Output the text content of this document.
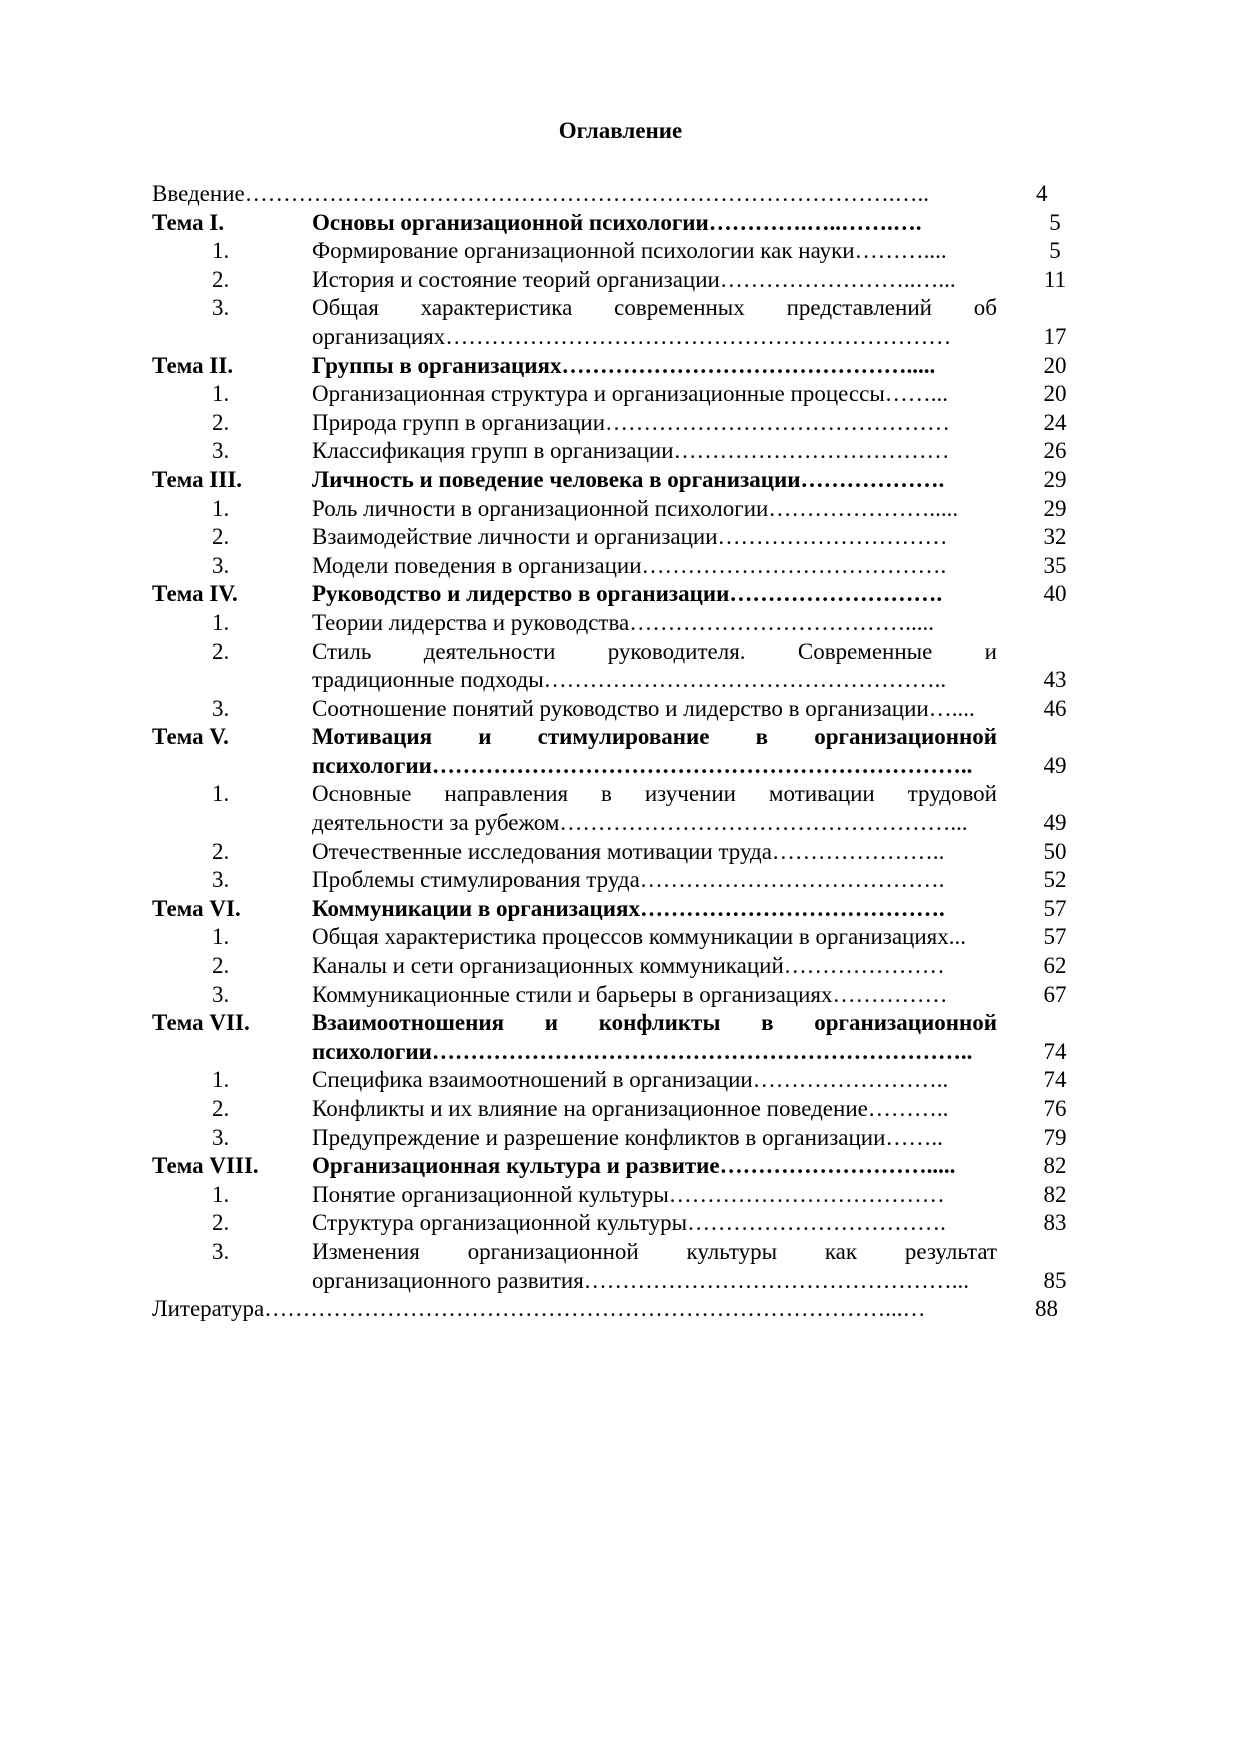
Оглавление
Введение………………………………………………………………………….…..	4
Тема I.	Основы организационной психологии………….…..…….….	5
1.	Формирование организационной психологии как науки………....	5
2.	История и состояние теорий организации……………………..…...	11
3.	Общая характеристика современных представлений об
организациях…………………………………………………………	17
Тема II.	Группы в организациях……………………………………….....	20
1.	Организационная структура и организационные процессы……...	20
2.	Природа групп в организации………………………………………	24
3.	Классификация групп в организации………………………………	26
Тема III.	Личность и поведение человека в организации……………….	29
1.	Роль личности в организационной психологии………………….....	29
2.	Взаимодействие личности и организации…………………………	32
3.	Модели поведения в организации………………………………….	35
Тема IV.	Руководство и лидерство в организации……………………….	40
1.	Теории лидерства и руководства……………………………….....
2.	Стиль деятельности руководителя. Современные и
традиционные подходы……………………………………………..	43
3.	Соотношение понятий руководство и лидерство в организации…....	46
Тема V.	Мотивация и стимулирование в организационной
психологии……………………………………………………………..	49
1.	Основные направления в изучении мотивации трудовой
деятельности за рубежом……………………………………………...	49
2.	Отечественные исследования мотивации труда…………………..	50
3.	Проблемы стимулирования труда………………………………….	52
Тема VI.	Коммуникации в организациях………………………………….	57
1.	Общая характеристика процессов коммуникации в организациях...	57
2.	Каналы и сети организационных коммуникаций…………………	62
3.	Коммуникационные стили и барьеры в организациях……………	67
Тема VII.	Взаимоотношения и конфликты в организационной
психологии……………………………………………………………..	74
1.	Специфика взаимоотношений в организации……………………..	74
2.	Конфликты и их влияние на организационное поведение………..	76
3.	Предупреждение и разрешение конфликтов в организации……..	79
Тема VIII.	Организационная культура и развитие……………………….....	82
1.	Понятие организационной культуры………………………………	82
2.	Структура организационной культуры…………………………….	83
3.	Изменения организационной культуры как результат
организационного развития…………………………………………...	85
Литература………………………………………………………………………...…	88
